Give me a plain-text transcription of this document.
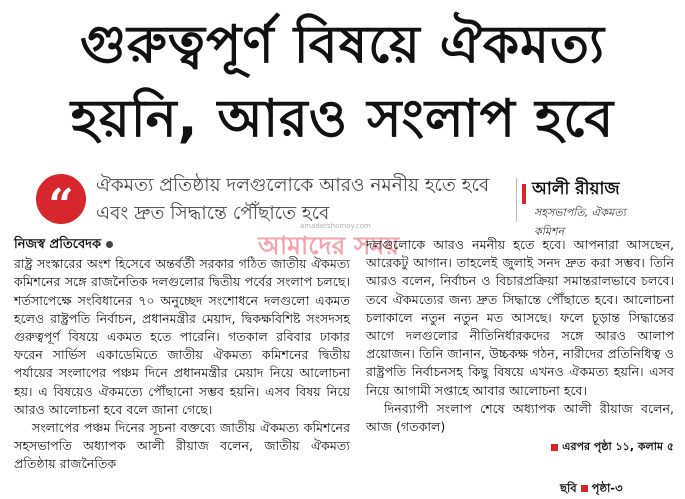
গুরুত্বপূর্ণ বিষয়ে ঐকমত্য
হয়নি, আরও সংলাপ হবে
“	ঐকমত্য প্রতিষ্ঠায় দলগুলোকে আরও নমনীয় হতে হবে এবং দ্রুত সিদ্ধান্তে পৌঁছাতে হবে
আলী রীয়াজ
সহসভাপতি, ঐকমত্য কমিশন
আমাদের সময়
amadershomoy.com
নিজস্ব প্রতিবেদক

রাষ্ট্র সংস্কারের অংশ হিসেবে অন্তর্বর্তী সরকার গঠিত জাতীয় ঐকমত্য কমিশনের সঙ্গে রাজনৈতিক দলগুলোর দ্বিতীয় পর্বের সংলাপ চলছে। শর্তসাপেক্ষে সংবিধানের ৭০ অনুচ্ছেদ সংশোধনে দলগুলো একমত হলেও রাষ্ট্রপতি নির্বাচন, প্রধানমন্ত্রীর মেয়াদ, দ্বিকক্ষবিশিষ্ট সংসদসহ গুরুত্বপূর্ণ বিষয়ে একমত হতে পারেনি। গতকাল রবিবার ঢাকার ফরেন সার্ভিস একাডেমিতে জাতীয় ঐকমত্য কমিশনের দ্বিতীয় পর্যায়ের সংলাপের পঞ্চম দিনে প্রধানমন্ত্রীর মেয়াদ নিয়ে আলোচনা হয়। এ বিষয়েও ঐকমত্যে পৌঁছানো সম্ভব হয়নি। এসব বিষয় নিয়ে আরও আলোচনা হবে বলে জানা গেছে।

সংলাপের পঞ্চম দিনের সূচনা বক্তব্যে জাতীয় ঐকমত্য কমিশনের সহসভাপতি অধ্যাপক আলী রীয়াজ বলেন, জাতীয় ঐকমত্য প্রতিষ্ঠায় রাজনৈতিক

দলগুলোকে আরও নমনীয় হতে হবে। আপনারা আসছেন, আরেকটু আগান। তাহলেই জুলাই সনদ দ্রুত করা সম্ভব। তিনি আরও বলেন, নির্বাচন ও বিচারপ্রক্রিয়া সমান্তরালভাবে চলবে। তবে ঐকমত্যের জন্য দ্রুত সিদ্ধান্তে পৌঁছাতে হবে। আলোচনা চলাকালে নতুন নতুন মত আসছে। ফলে চূড়ান্ত সিদ্ধান্তের আগে দলগুলোর নীতিনির্ধারকদের সঙ্গে আরও আলাপ প্রয়োজন। তিনি জানান, উচ্চকক্ষ গঠন, নারীদের প্রতিনিধিত্ব ও রাষ্ট্রপতি নির্বাচনসহ কিছু বিষয়ে এখনও ঐকমত্য হয়নি। এসব নিয়ে আগামী সপ্তাহে আবার আলোচনা হবে।

দিনব্যাপী সংলাপ শেষে অধ্যাপক আলী রীয়াজ বলেন, আজ (গতকাল)

এরপর পৃষ্ঠা ১১, কলাম ৫
ছবি পৃষ্ঠা-৩
